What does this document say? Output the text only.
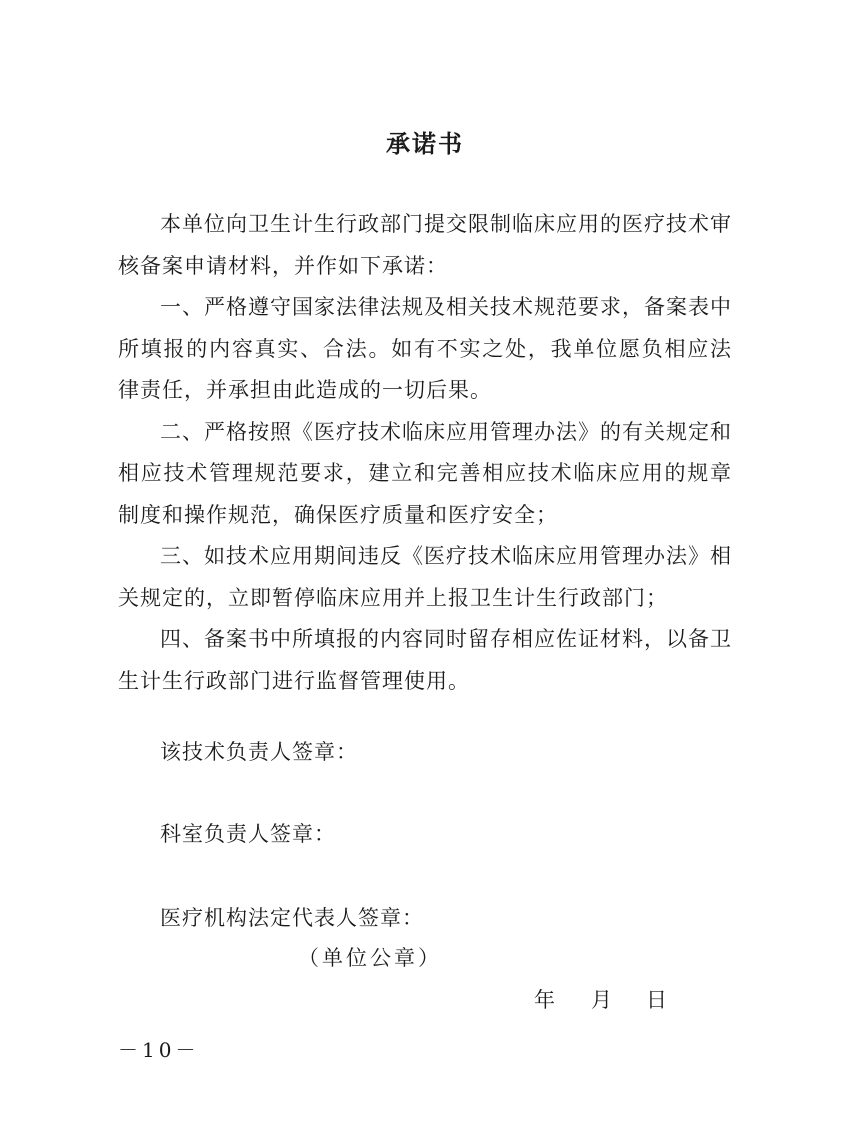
承诺书

本单位向卫生计生行政部门提交限制临床应用的医疗技术审核备案申请材料，并作如下承诺：

一、严格遵守国家法律法规及相关技术规范要求，备案表中所填报的内容真实、合法。如有不实之处，我单位愿负相应法律责任，并承担由此造成的一切后果。

二、严格按照《医疗技术临床应用管理办法》的有关规定和相应技术管理规范要求，建立和完善相应技术临床应用的规章制度和操作规范，确保医疗质量和医疗安全；

三、如技术应用期间违反《医疗技术临床应用管理办法》相关规定的，立即暂停临床应用并上报卫生计生行政部门；

四、备案书中所填报的内容同时留存相应佐证材料，以备卫生计生行政部门进行监督管理使用。

该技术负责人签章：
科室负责人签章：
医疗机构法定代表人签章：
（单位公章）
年 月 日
－10－
